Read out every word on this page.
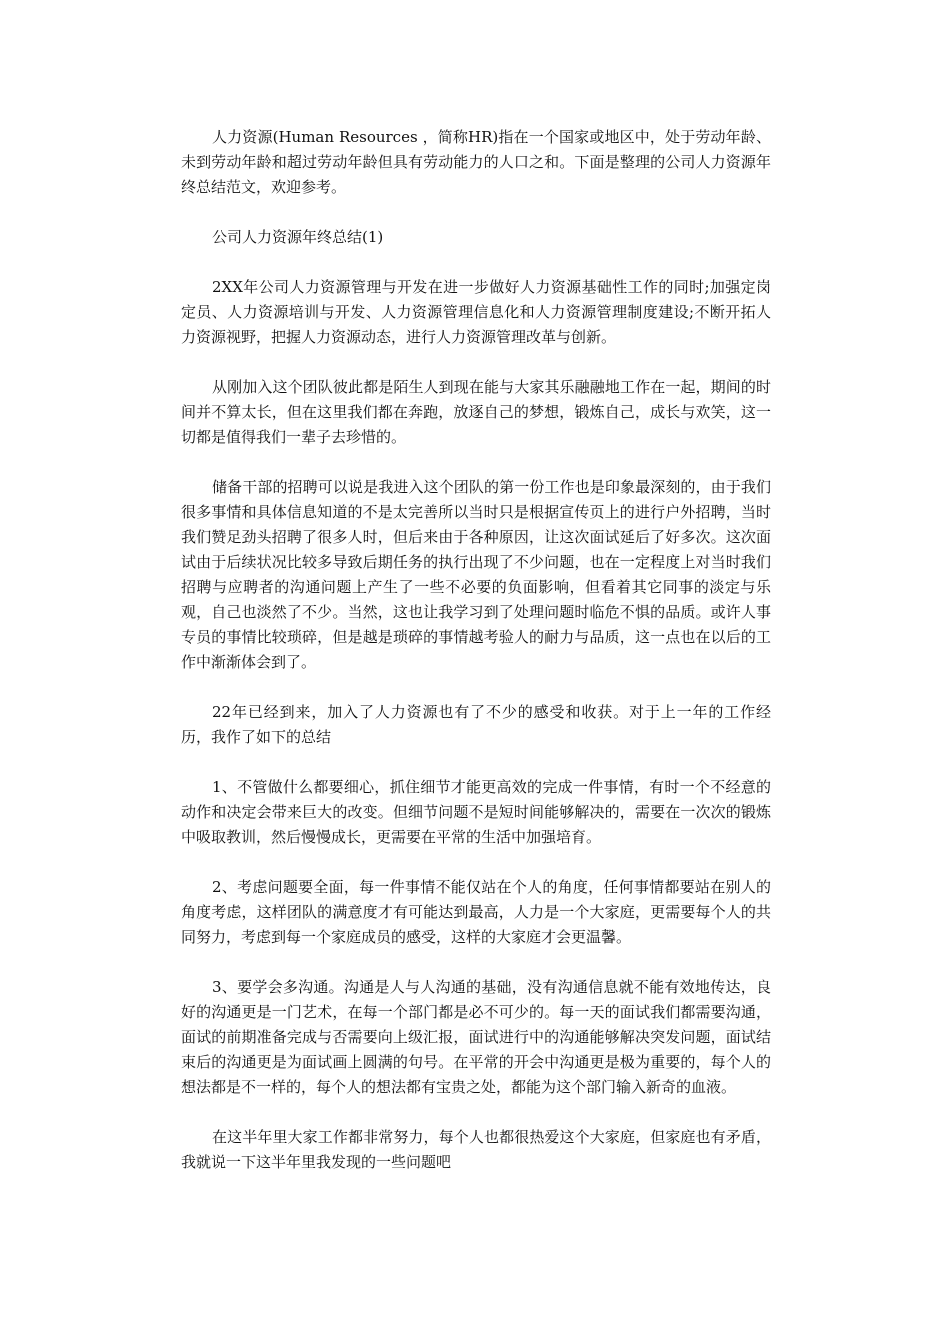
人力资源(Human Resources ，简称HR)指在一个国家或地区中，处于劳动年龄、未到劳动年龄和超过劳动年龄但具有劳动能力的人口之和。下面是整理的公司人力资源年终总结范文，欢迎参考。

公司人力资源年终总结(1)

2XX年公司人力资源管理与开发在进一步做好人力资源基础性工作的同时;加强定岗定员、人力资源培训与开发、人力资源管理信息化和人力资源管理制度建设;不断开拓人力资源视野，把握人力资源动态，进行人力资源管理改革与创新。

从刚加入这个团队彼此都是陌生人到现在能与大家其乐融融地工作在一起，期间的时间并不算太长，但在这里我们都在奔跑，放逐自己的梦想，锻炼自己，成长与欢笑，这一切都是值得我们一辈子去珍惜的。

储备干部的招聘可以说是我进入这个团队的第一份工作也是印象最深刻的，由于我们很多事情和具体信息知道的不是太完善所以当时只是根据宣传页上的进行户外招聘，当时我们赞足劲头招聘了很多人时，但后来由于各种原因，让这次面试延后了好多次。这次面试由于后续状况比较多导致后期任务的执行出现了不少问题，也在一定程度上对当时我们招聘与应聘者的沟通问题上产生了一些不必要的负面影响，但看着其它同事的淡定与乐观，自己也淡然了不少。当然，这也让我学习到了处理问题时临危不惧的品质。或许人事专员的事情比较琐碎，但是越是琐碎的事情越考验人的耐力与品质，这一点也在以后的工作中渐渐体会到了。

22年已经到来，加入了人力资源也有了不少的感受和收获。对于上一年的工作经历，我作了如下的总结

1、不管做什么都要细心，抓住细节才能更高效的完成一件事情，有时一个不经意的动作和决定会带来巨大的改变。但细节问题不是短时间能够解决的，需要在一次次的锻炼中吸取教训，然后慢慢成长，更需要在平常的生活中加强培育。

2、考虑问题要全面，每一件事情不能仅站在个人的角度，任何事情都要站在别人的角度考虑，这样团队的满意度才有可能达到最高，人力是一个大家庭，更需要每个人的共同努力，考虑到每一个家庭成员的感受，这样的大家庭才会更温馨。

3、要学会多沟通。沟通是人与人沟通的基础，没有沟通信息就不能有效地传达，良好的沟通更是一门艺术，在每一个部门都是必不可少的。每一天的面试我们都需要沟通，面试的前期准备完成与否需要向上级汇报，面试进行中的沟通能够解决突发问题，面试结束后的沟通更是为面试画上圆满的句号。在平常的开会中沟通更是极为重要的，每个人的想法都是不一样的，每个人的想法都有宝贵之处，都能为这个部门输入新奇的血液。

在这半年里大家工作都非常努力，每个人也都很热爱这个大家庭，但家庭也有矛盾，我就说一下这半年里我发现的一些问题吧
